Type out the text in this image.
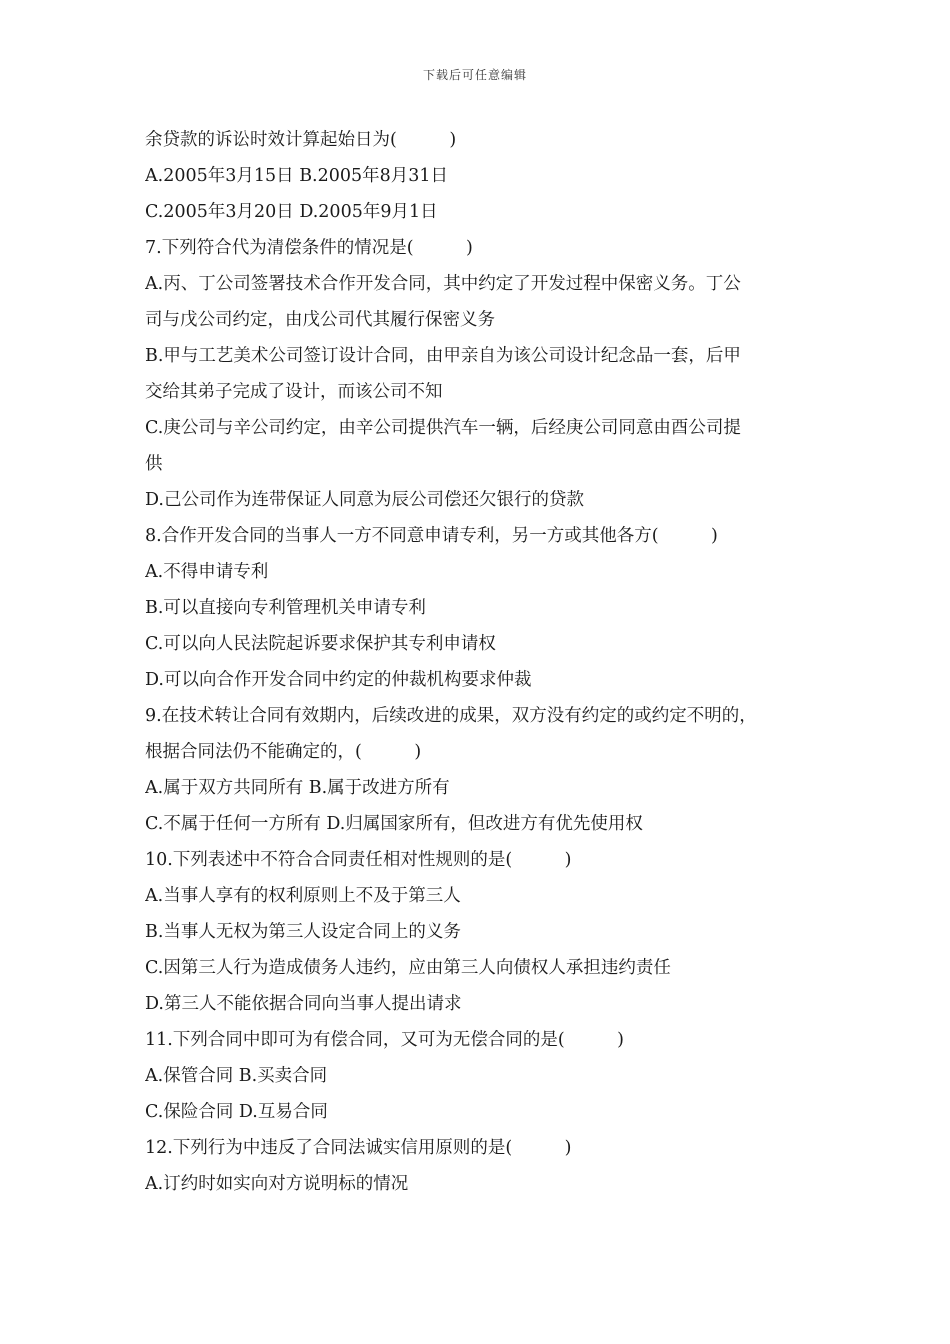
下载后可任意编辑
余贷款的诉讼时效计算起始日为(　　　)
A.2005年3月15日 B.2005年8月31日
C.2005年3月20日 D.2005年9月1日
7.下列符合代为清偿条件的情况是(　　　)
A.丙、丁公司签署技术合作开发合同，其中约定了开发过程中保密义务。丁公
司与戊公司约定，由戊公司代其履行保密义务
B.甲与工艺美术公司签订设计合同，由甲亲自为该公司设计纪念品一套，后甲
交给其弟子完成了设计，而该公司不知
C.庚公司与辛公司约定，由辛公司提供汽车一辆，后经庚公司同意由酉公司提
供
D.己公司作为连带保证人同意为辰公司偿还欠银行的贷款
8.合作开发合同的当事人一方不同意申请专利，另一方或其他各方(　　　)
A.不得申请专利
B.可以直接向专利管理机关申请专利
C.可以向人民法院起诉要求保护其专利申请权
D.可以向合作开发合同中约定的仲裁机构要求仲裁
9.在技术转让合同有效期内，后续改进的成果，双方没有约定的或约定不明的，
根据合同法仍不能确定的，(　　　)
A.属于双方共同所有 B.属于改进方所有
C.不属于任何一方所有 D.归属国家所有，但改进方有优先使用权
10.下列表述中不符合合同责任相对性规则的是(　　　)
A.当事人享有的权利原则上不及于第三人
B.当事人无权为第三人设定合同上的义务
C.因第三人行为造成债务人违约，应由第三人向债权人承担违约责任
D.第三人不能依据合同向当事人提出请求
11.下列合同中即可为有偿合同，又可为无偿合同的是(　　　)
A.保管合同 B.买卖合同
C.保险合同 D.互易合同
12.下列行为中违反了合同法诚实信用原则的是(　　　)
A.订约时如实向对方说明标的情况
